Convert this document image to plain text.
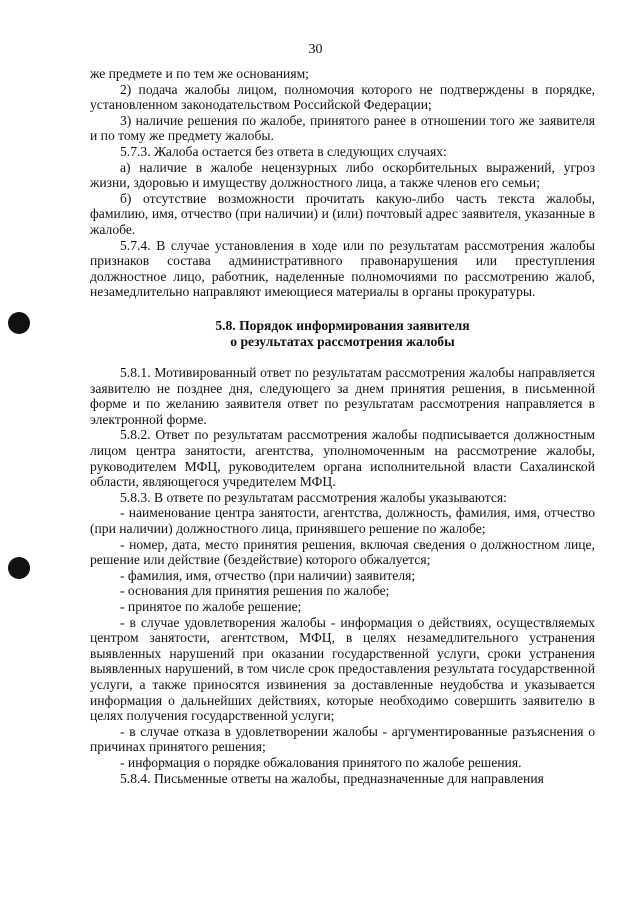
30

же предмете и по тем же основаниям;

2) подача жалобы лицом, полномочия которого не подтверждены в порядке, установленном законодательством Российской Федерации;

3) наличие решения по жалобе, принятого ранее в отношении того же заявителя и по тому же предмету жалобы.

5.7.3. Жалоба остается без ответа в следующих случаях:

а) наличие в жалобе нецензурных либо оскорбительных выражений, угроз жизни, здоровью и имуществу должностного лица, а также членов его семьи;

б) отсутствие возможности прочитать какую-либо часть текста жалобы, фамилию, имя, отчество (при наличии) и (или) почтовый адрес заявителя, указанные в жалобе.

5.7.4. В случае установления в ходе или по результатам рассмотрения жалобы признаков состава административного правонарушения или преступления должностное лицо, работник, наделенные полномочиями по рассмотрению жалоб, незамедлительно направляют имеющиеся материалы в органы прокуратуры.

5.8. Порядок информирования заявителя
о результатах рассмотрения жалобы

5.8.1. Мотивированный ответ по результатам рассмотрения жалобы направляется заявителю не позднее дня, следующего за днем принятия решения, в письменной форме и по желанию заявителя ответ по результатам рассмотрения направляется в электронной форме.

5.8.2. Ответ по результатам рассмотрения жалобы подписывается должностным лицом центра занятости, агентства, уполномоченным на рассмотрение жалобы, руководителем МФЦ, руководителем органа исполнительной власти Сахалинской области, являющегося учредителем МФЦ.

5.8.3. В ответе по результатам рассмотрения жалобы указываются:

- наименование центра занятости, агентства, должность, фамилия, имя, отчество (при наличии) должностного лица, принявшего решение по жалобе;

- номер, дата, место принятия решения, включая сведения о должностном лице, решение или действие (бездействие) которого обжалуется;

- фамилия, имя, отчество (при наличии) заявителя;

- основания для принятия решения по жалобе;

- принятое по жалобе решение;

- в случае удовлетворения жалобы - информация о действиях, осуществляемых центром занятости, агентством, МФЦ, в целях незамедлительного устранения выявленных нарушений при оказании государственной услуги, сроки устранения выявленных нарушений, в том числе срок предоставления результата государственной услуги, а также приносятся извинения за доставленные неудобства и указывается информация о дальнейших действиях, которые необходимо совершить заявителю в целях получения государственной услуги;

- в случае отказа в удовлетворении жалобы - аргументированные разъяснения о причинах принятого решения;

- информация о порядке обжалования принятого по жалобе решения.

5.8.4. Письменные ответы на жалобы, предназначенные для направления
